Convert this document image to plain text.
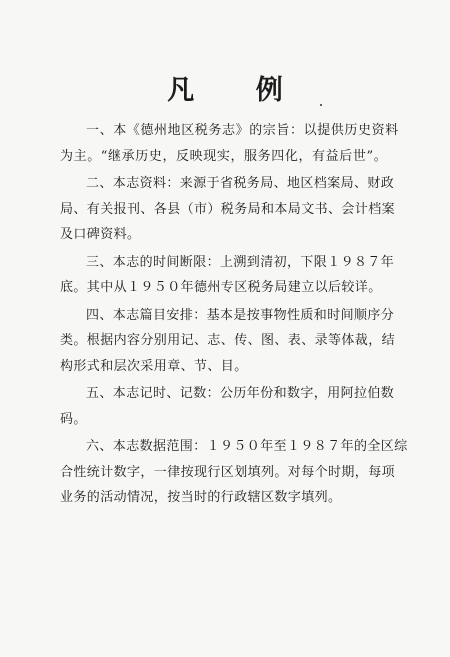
凡 例

一、本《德州地区税务志》的宗旨：以提供历史资料为主。“继承历史，反映现实，服务四化，有益后世”。

二、本志资料：来源于省税务局、地区档案局、财政局、有关报刊、各县（市）税务局和本局文书、会计档案及口碑资料。

三、本志的时间断限：上溯到清初，下限１９８７年底。其中从１９５０年德州专区税务局建立以后较详。

四、本志篇目安排：基本是按事物性质和时间顺序分类。根据内容分别用记、志、传、图、表、录等体裁，结构形式和层次采用章、节、目。

五、本志记时、记数：公历年份和数字，用阿拉伯数码。

六、本志数据范围：１９５０年至１９８７年的全区综合性统计数字，一律按现行区划填列。对每个时期，每项业务的活动情况，按当时的行政辖区数字填列。
